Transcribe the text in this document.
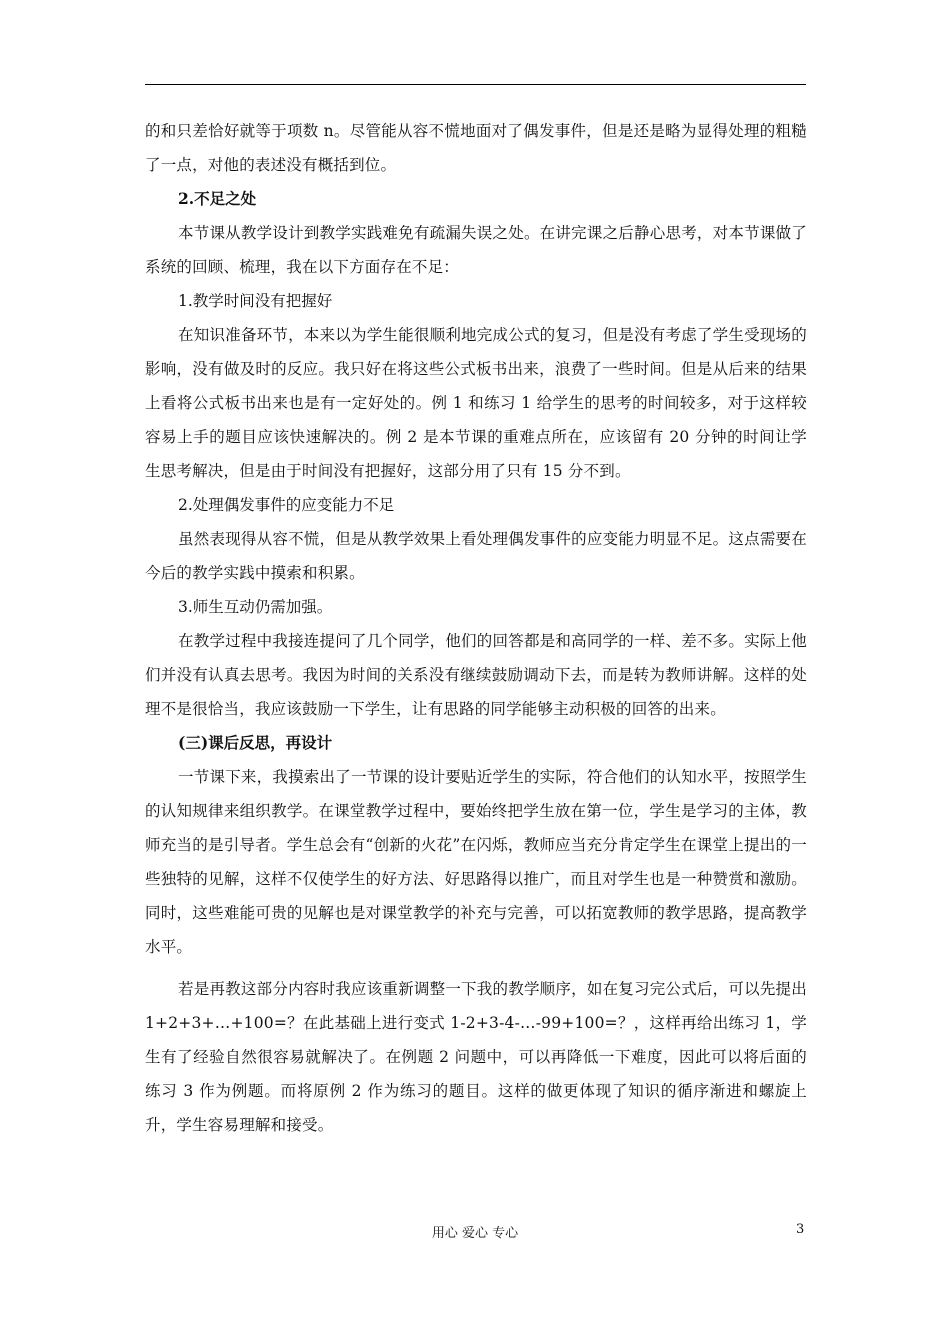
的和只差恰好就等于项数 n。尽管能从容不慌地面对了偶发事件，但是还是略为显得处理的粗糙了一点，对他的表述没有概括到位。

2.不足之处

本节课从教学设计到教学实践难免有疏漏失误之处。在讲完课之后静心思考，对本节课做了系统的回顾、梳理，我在以下方面存在不足：

1.教学时间没有把握好

在知识准备环节，本来以为学生能很顺利地完成公式的复习，但是没有考虑了学生受现场的影响，没有做及时的反应。我只好在将这些公式板书出来，浪费了一些时间。但是从后来的结果上看将公式板书出来也是有一定好处的。例 1 和练习 1 给学生的思考的时间较多，对于这样较容易上手的题目应该快速解决的。例 2 是本节课的重难点所在，应该留有 20 分钟的时间让学生思考解决，但是由于时间没有把握好，这部分用了只有 15 分不到。

2.处理偶发事件的应变能力不足

虽然表现得从容不慌，但是从教学效果上看处理偶发事件的应变能力明显不足。这点需要在今后的教学实践中摸索和积累。

3.师生互动仍需加强。

在教学过程中我接连提问了几个同学，他们的回答都是和高同学的一样、差不多。实际上他们并没有认真去思考。我因为时间的关系没有继续鼓励调动下去，而是转为教师讲解。这样的处理不是很恰当，我应该鼓励一下学生，让有思路的同学能够主动积极的回答的出来。

(三)课后反思，再设计

一节课下来，我摸索出了一节课的设计要贴近学生的实际，符合他们的认知水平，按照学生的认知规律来组织教学。在课堂教学过程中，要始终把学生放在第一位，学生是学习的主体，教师充当的是引导者。学生总会有“创新的火花”在闪烁，教师应当充分肯定学生在课堂上提出的一些独特的见解，这样不仅使学生的好方法、好思路得以推广，而且对学生也是一种赞赏和激励。同时，这些难能可贵的见解也是对课堂教学的补充与完善，可以拓宽教师的教学思路，提高教学水平。

若是再教这部分内容时我应该重新调整一下我的教学顺序，如在复习完公式后，可以先提出 1+2+3+…+100=？在此基础上进行变式 1-2+3-4-…-99+100=？，这样再给出练习 1，学生有了经验自然很容易就解决了。在例题 2 问题中，可以再降低一下难度，因此可以将后面的练习 3 作为例题。而将原例 2 作为练习的题目。这样的做更体现了知识的循序渐进和螺旋上升，学生容易理解和接受。

用心 爱心 专心	3
